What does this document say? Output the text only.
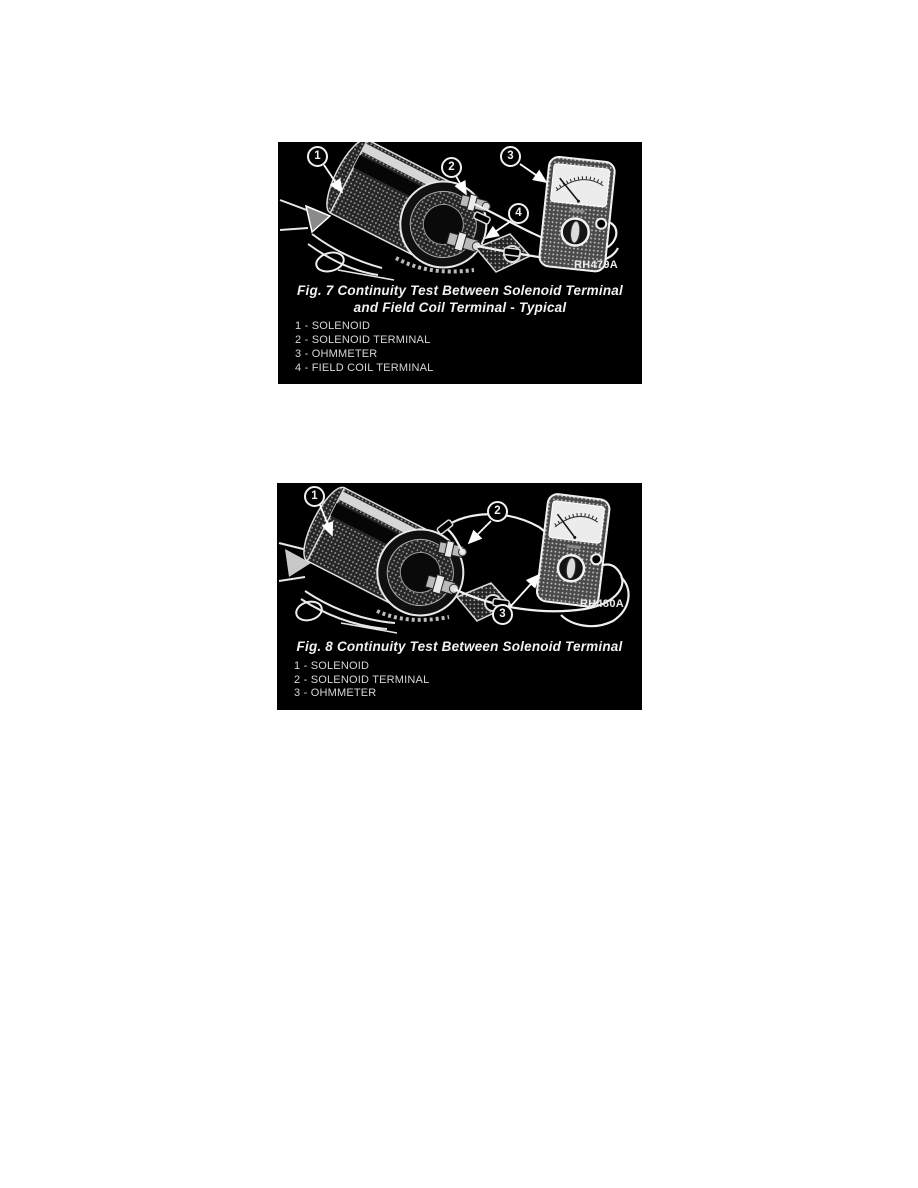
1
2
3
4
RH479A
Fig. 7 Continuity Test Between Solenoid Terminal
and Field Coil Terminal - Typical
1 - SOLENOID
2 - SOLENOID TERMINAL
3 - OHMMETER
4 - FIELD COIL TERMINAL
1
2
3
RH480A
Fig. 8 Continuity Test Between Solenoid Terminal
1 - SOLENOID
2 - SOLENOID TERMINAL
3 - OHMMETER
